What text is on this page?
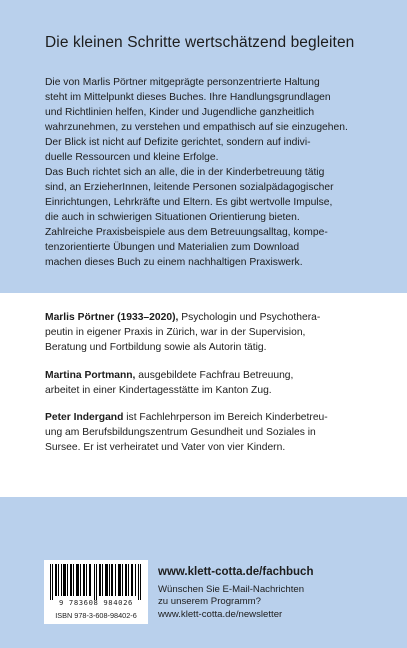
Die kleinen Schritte wertschätzend begleiten

Die von Marlis Pörtner mitgeprägte personzentrierte Haltung

steht im Mittelpunkt dieses Buches. Ihre Handlungsgrundlagen

und Richtlinien helfen, Kinder und Jugendliche ganzheitlich

wahrzunehmen, zu verstehen und empathisch auf sie einzugehen.

Der Blick ist nicht auf Defizite gerichtet, sondern auf indivi-

duelle Ressourcen und kleine Erfolge.

Das Buch richtet sich an alle, die in der Kinderbetreuung tätig

sind, an ErzieherInnen, leitende Personen sozialpädagogischer

Einrichtungen, Lehrkräfte und Eltern. Es gibt wertvolle Impulse,

die auch in schwierigen Situationen Orientierung bieten.

Zahlreiche Praxisbeispiele aus dem Betreuungsalltag, kompe-

tenzorientierte Übungen und Materialien zum Download

machen dieses Buch zu einem nachhaltigen Praxiswerk.

Marlis Pörtner (1933–2020), Psychologin und Psychothera-

peutin in eigener Praxis in Zürich, war in der Supervision,

Beratung und Fortbildung sowie als Autorin tätig.

Martina Portmann, ausgebildete Fachfrau Betreuung,

arbeitet in einer Kindertagesstätte im Kanton Zug.

Peter Indergand ist Fachlehrperson im Bereich Kinderbetreu-

ung am Berufsbildungszentrum Gesundheit und Soziales in

Sursee. Er ist verheiratet und Vater von vier Kindern.

9 783608 984026
ISBN 978-3-608-98402-6
www.klett-cotta.de/fachbuch

Wünschen Sie E-Mail-Nachrichten

zu unserem Programm?

www.klett-cotta.de/newsletter
